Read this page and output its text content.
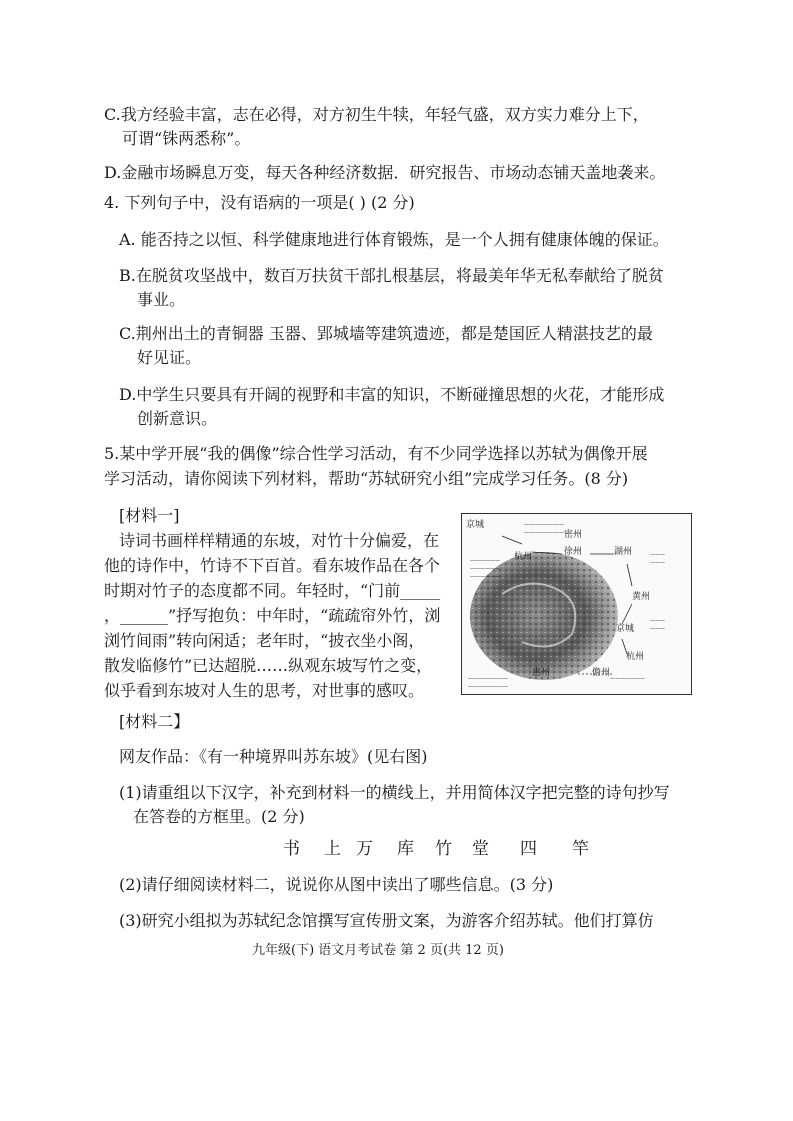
C.我方经验丰富，志在必得，对方初生牛犊，年轻气盛，双方实力难分上下，
可谓“铢两悉称”。
D.金融市场瞬息万变，每天各种经济数据．研究报告、市场动态铺天盖地袭来。
4. 下列句子中，没有语病的一项是( ) (2 分)
A. 能否持之以恒、科学健康地进行体育锻炼，是一个人拥有健康体魄的保证。
B.在脱贫攻坚战中，数百万扶贫干部扎根基层，将最美年华无私奉献给了脱贫
事业。
C.荆州出土的青铜器 玉器、郢城墙等建筑遗迹，都是楚国匠人精湛技艺的最
好见证。
D.中学生只要具有开阔的视野和丰富的知识，不断碰撞思想的火花，才能形成
创新意识。
5.某中学开展“我的偶像”综合性学习活动，有不少同学选择以苏轼为偶像开展
学习活动，请你阅读下列材料，帮助“苏轼研究小组”完成学习任务。(8 分)
[材料一]
诗词书画样样精通的东坡，对竹十分偏爱，在
他的诗作中，竹诗不下百首。看东坡作品在各个
时期对竹子的态度都不同。年轻时，“门前_____
，______”抒写抱负：中年时，“疏疏帘外竹，浏
浏竹间雨”转向闲适；老年时，“披衣坐小阁，
散发临修竹”已达超脱……纵观东坡写竹之变，
似乎看到东坡对人生的思考，对世事的感叹。
————————
————————
——————
——————
——————
———
———
———
———
————————
————————
———————
京城
杭州	徐州	湖州
密州
黄州
京城
杭州
惠州	儋州
[材料二】
网友作品：《有一种境界叫苏东坡》(见右图)
(1)请重组以下汉字，补充到材料一的横线上，并用简体汉字把完整的诗句抄写
在答卷的方框里。(2 分)
书 上 万 库 竹 堂 四 竿
(2)请仔细阅读材料二，说说你从图中读出了哪些信息。(3 分)
(3)研究小组拟为苏轼纪念馆撰写宣传册文案，为游客介绍苏轼。他们打算仿
九年级(下) 语文月考试卷 第 2 页(共 12 页)
